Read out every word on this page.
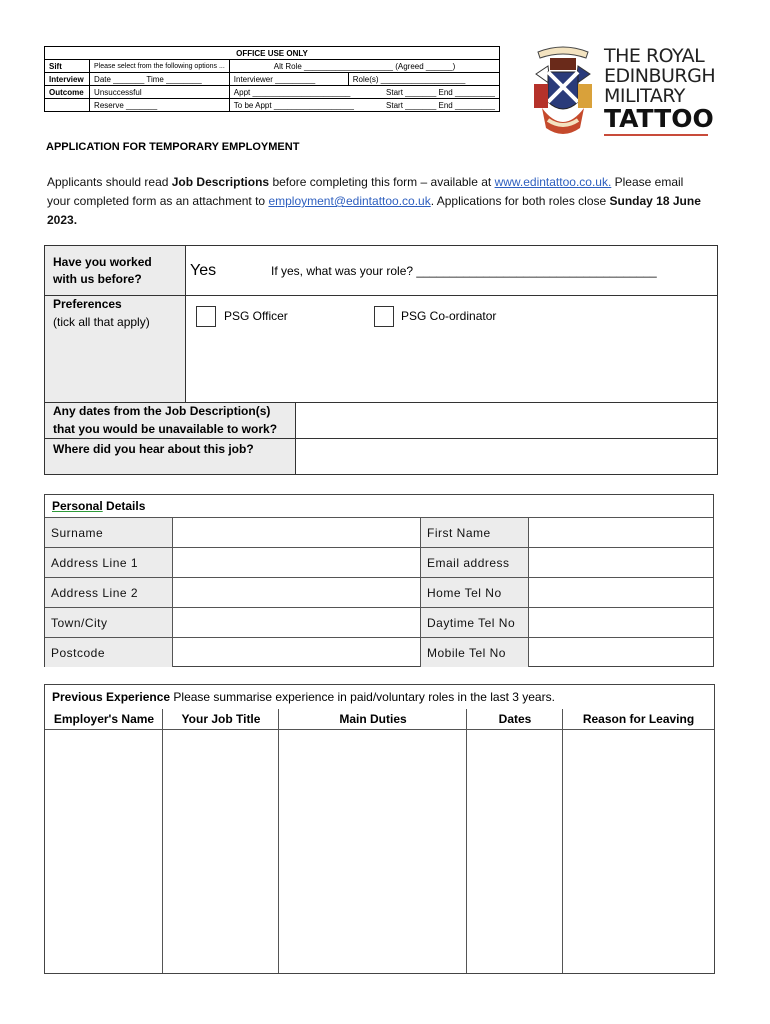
OFFICE USE ONLY			
Sift	Please select from the following options ...	Alt Role ____________________ (Agreed ______)	
Interview	Date _______ Time ________	Interviewer _________	Role(s) ___________________
Outcome	Unsuccessful	Appt ______________________ Start _______ End _________	
	Reserve _______	To be Appt __________________ Start _______ End _________	
THE ROYAL
EDINBURGH
MILITARY
TATTOO
APPLICATION FOR TEMPORARY EMPLOYMENT
Applicants should read Job Descriptions before completing this form – available at www.edintattoo.co.uk. Please email your completed form as an attachment to employment@edintattoo.co.uk. Applications for both roles close Sunday 18 June 2023.
Have you worked
with us before?	Yes	If yes, what was your role? ____________________________________
Preferences
(tick all that apply)	PSG Officer	PSG Co-ordinator
Any dates from the Job Description(s)
that you would be unavailable to work?
Where did you hear about this job?
Personal Details
Surname	First Name
Address Line 1	Email address
Address Line 2	Home Tel No
Town/City	Daytime Tel No
Postcode	Mobile Tel No
Previous Experience Please summarise experience in paid/voluntary roles in the last 3 years.
Employer's Name	Your Job Title	Main Duties	Dates	Reason for Leaving
